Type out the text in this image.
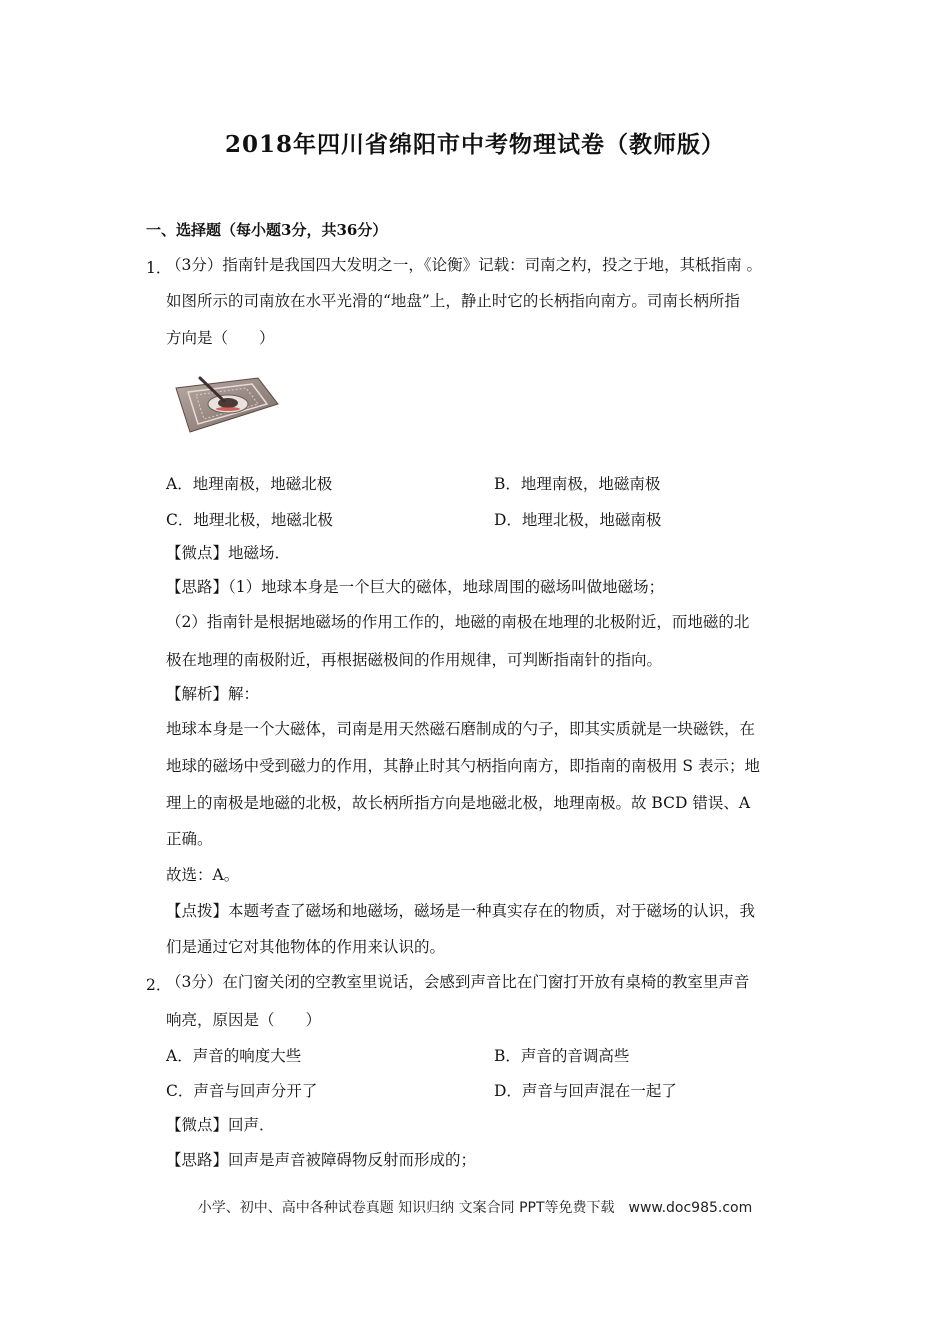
2018年四川省绵阳市中考物理试卷（教师版）
一、选择题（每小题3分，共36分）
1．
（3分）指南针是我国四大发明之一，《论衡》记载：司南之杓，投之于地，其柢指南 。
如图所示的司南放在水平光滑的“地盘”上，静止时它的长柄指向南方。司南长柄所指
方向是（　　）
A．地理南极，地磁北极	B．地理南极，地磁南极
C．地理北极，地磁北极	D．地理北极，地磁南极
【微点】地磁场．
【思路】（1）地球本身是一个巨大的磁体，地球周围的磁场叫做地磁场；
（2）指南针是根据地磁场的作用工作的，地磁的南极在地理的北极附近，而地磁的北
极在地理的南极附近，再根据磁极间的作用规律，可判断指南针的指向。
【解析】解：
地球本身是一个大磁体，司南是用天然磁石磨制成的勺子，即其实质就是一块磁铁，在
地球的磁场中受到磁力的作用，其静止时其勺柄指向南方，即指南的南极用 S 表示；地
理上的南极是地磁的北极，故长柄所指方向是地磁北极，地理南极。故 BCD 错误、A
正确。
故选：A。
【点拨】本题考查了磁场和地磁场，磁场是一种真实存在的物质，对于磁场的认识，我
们是通过它对其他物体的作用来认识的。
2．
（3分）在门窗关闭的空教室里说话，会感到声音比在门窗打开放有桌椅的教室里声音
响亮，原因是（　　）
A．声音的响度大些	B．声音的音调高些
C．声音与回声分开了	D．声音与回声混在一起了
【微点】回声．
【思路】回声是声音被障碍物反射而形成的；
小学、初中、高中各种试卷真题 知识归纳 文案合同 PPT等免费下载　www.doc985.com
